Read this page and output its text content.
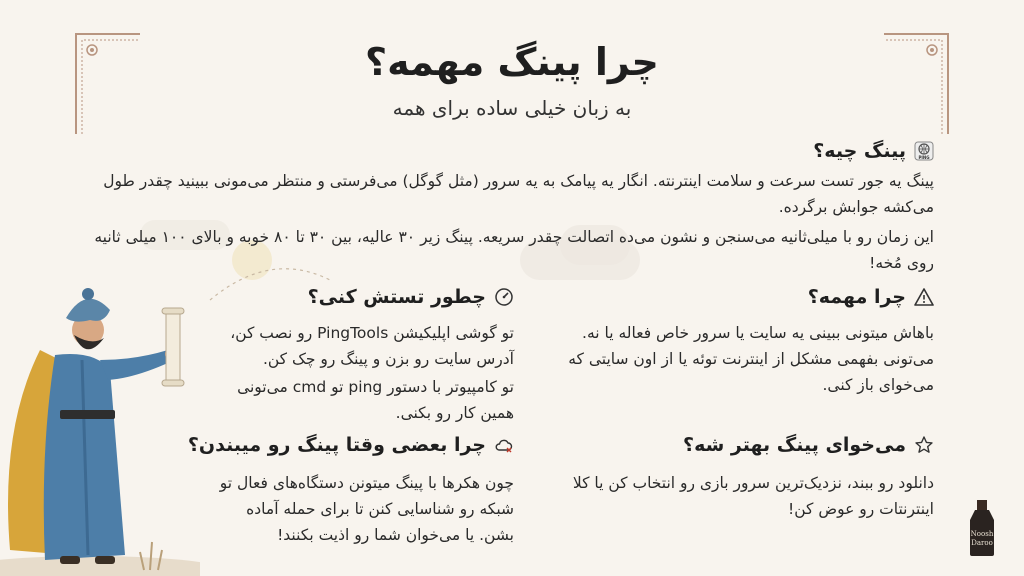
چرا پینگ مهمه؟
به زبان خیلی ساده برای همه
PING
پینگ چیه؟

پینگ یه جور تست سرعت و سلامت اینترنته. انگار یه پیامک به یه سرور (مثل گوگل) می‌فرستی و منتظر می‌مونی ببینید چقدر طول می‌کشه جوابش برگرده.

این زمان رو با میلی‌ثانیه می‌سنجن و نشون می‌ده اتصالت چقدر سریعه. پینگ زیر ۳۰ عالیه، بین ۳۰ تا ۸۰ خوبه و بالای ۱۰۰ میلی ثانیه روی مُخه!

چرا مهمه؟

باهاش میتونی ببینی یه سایت یا سرور خاص فعاله یا نه.

می‌تونی بفهمی مشکل از اینترنت توئه یا از اون سایتی که می‌خوای باز کنی.

می‌خوای پینگ بهتر شه؟

دانلود رو ببند، نزدیک‌ترین سرور بازی رو انتخاب کن یا کلا اینترنتات رو عوض کن!

چطور تستش کنی؟

تو گوشی اپلیکیشن PingTools رو نصب کن، آدرس سایت رو بزن و پینگ رو چک کن.

تو کامپیوتر با دستور ping تو cmd می‌تونی همین کار رو بکنی.

چرا بعضی وقتا پینگ رو میبندن؟

چون هکرها با پینگ میتونن دستگاه‌های فعال تو شبکه رو شناسایی کنن تا برای حمله آماده بشن. یا می‌خوان شما رو اذیت بکنند!	Noosh
Daroo
